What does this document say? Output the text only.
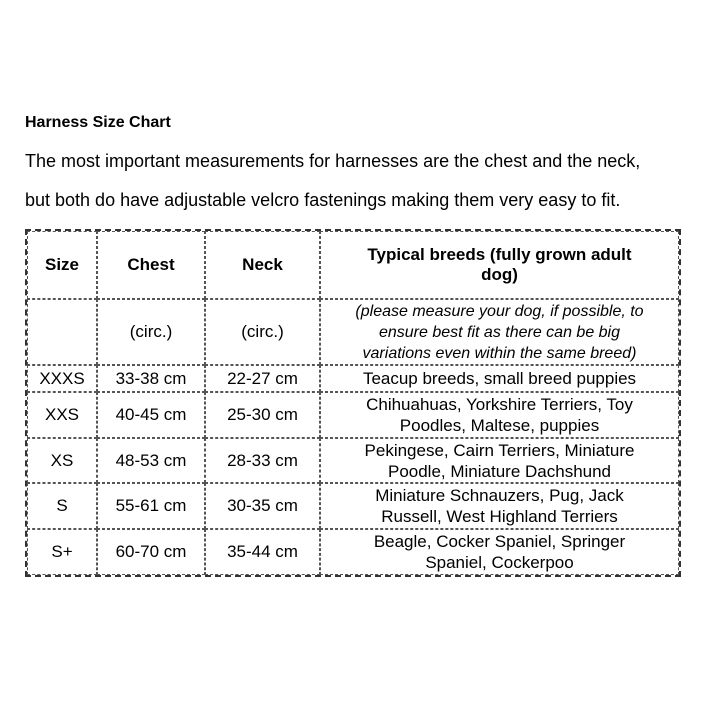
Harness Size Chart
The most important measurements for harnesses are the chest and the neck,
but both do have adjustable velcro fastenings making them very easy to fit.
Size	Chest	Neck	Typical breeds (fully grown adult
dog)

	(circ.)	(circ.)	(please measure your dog, if possible, to
ensure best fit as there can be big
variations even within the same breed)

XXXS	33-38 cm	22-27 cm	Teacup breeds, small breed puppies

XXS	40-45 cm	25-30 cm	Chihuahuas, Yorkshire Terriers, Toy
Poodles, Maltese, puppies

XS	48-53 cm	28-33 cm	Pekingese, Cairn Terriers, Miniature
Poodle, Miniature Dachshund

S	55-61 cm	30-35 cm	Miniature Schnauzers, Pug, Jack
Russell, West Highland Terriers

S+	60-70 cm	35-44 cm	Beagle, Cocker Spaniel, Springer
Spaniel, Cockerpoo
